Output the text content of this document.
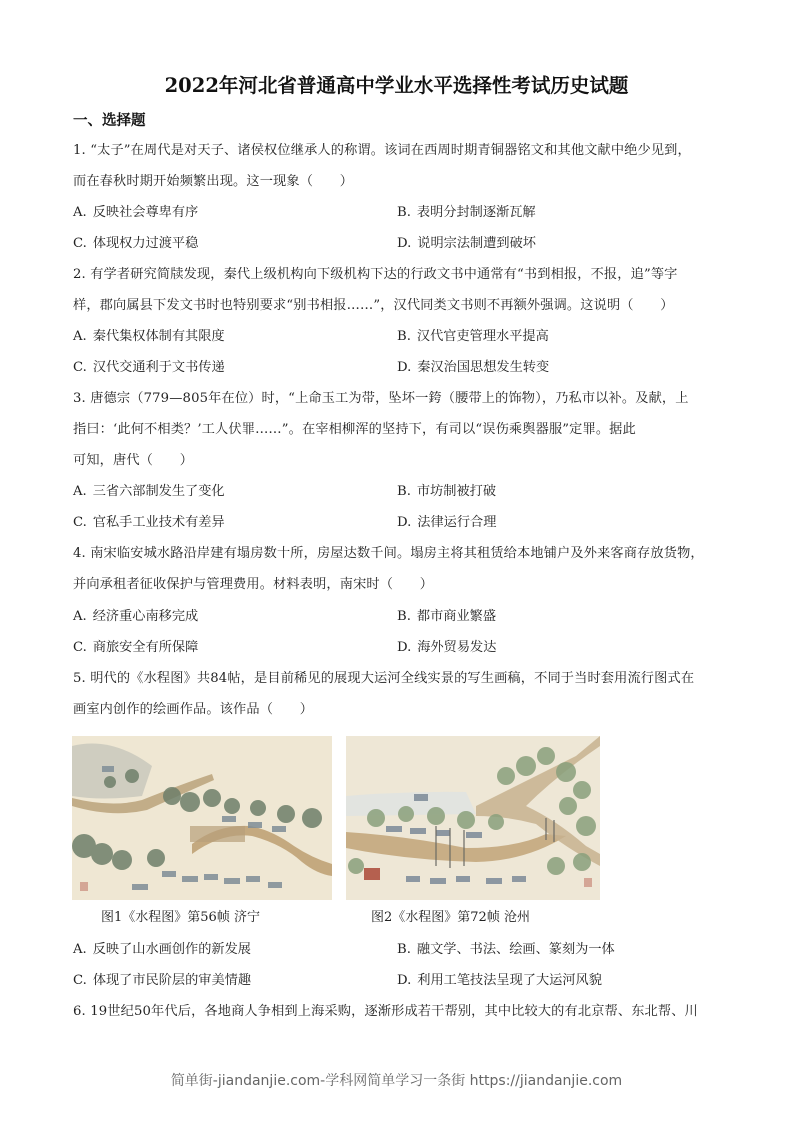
2022年河北省普通高中学业水平选择性考试历史试题
一、选择题
1. “太子”在周代是对天子、诸侯权位继承人的称谓。该词在西周时期青铜器铭文和其他文献中绝少见到，
而在春秋时期开始频繁出现。这一现象（　　）
A. 反映社会尊卑有序	B. 表明分封制逐渐瓦解
C. 体现权力过渡平稳	D. 说明宗法制遭到破坏
2. 有学者研究简牍发现，秦代上级机构向下级机构下达的行政文书中通常有“书到相报，不报，追”等字
样，郡向属县下发文书时也特别要求“别书相报……”，汉代同类文书则不再额外强调。这说明（　　）
A. 秦代集权体制有其限度	B. 汉代官吏管理水平提高
C. 汉代交通利于文书传递	D. 秦汉治国思想发生转变
3. 唐德宗（779—805年在位）时，“上命玉工为带，坠坏一銙（腰带上的饰物），乃私市以补。及献，上
指曰：‘此何不相类？’工人伏罪……”。在宰相柳浑的坚持下，有司以“误伤乘舆器服”定罪。据此
可知，唐代（　　）
A. 三省六部制发生了变化	B. 市坊制被打破
C. 官私手工业技术有差异	D. 法律运行合理
4. 南宋临安城水路沿岸建有塌房数十所，房屋达数千间。塌房主将其租赁给本地铺户及外来客商存放货物，
并向承租者征收保护与管理费用。材料表明，南宋时（　　）
A. 经济重心南移完成	B. 都市商业繁盛
C. 商旅安全有所保障	D. 海外贸易发达
5. 明代的《水程图》共84帖，是目前稀见的展现大运河全线实景的写生画稿，不同于当时套用流行图式在
画室内创作的绘画作品。该作品（　　）
图1《水程图》第56帧 济宁	图2《水程图》第72帧 沧州
A. 反映了山水画创作的新发展	B. 融文学、书法、绘画、篆刻为一体
C. 体现了市民阶层的审美情趣	D. 利用工笔技法呈现了大运河风貌
6. 19世纪50年代后，各地商人争相到上海采购，逐渐形成若干帮别，其中比较大的有北京帮、东北帮、川
简单街-jiandanjie.com-学科网简单学习一条街 https://jiandanjie.com
